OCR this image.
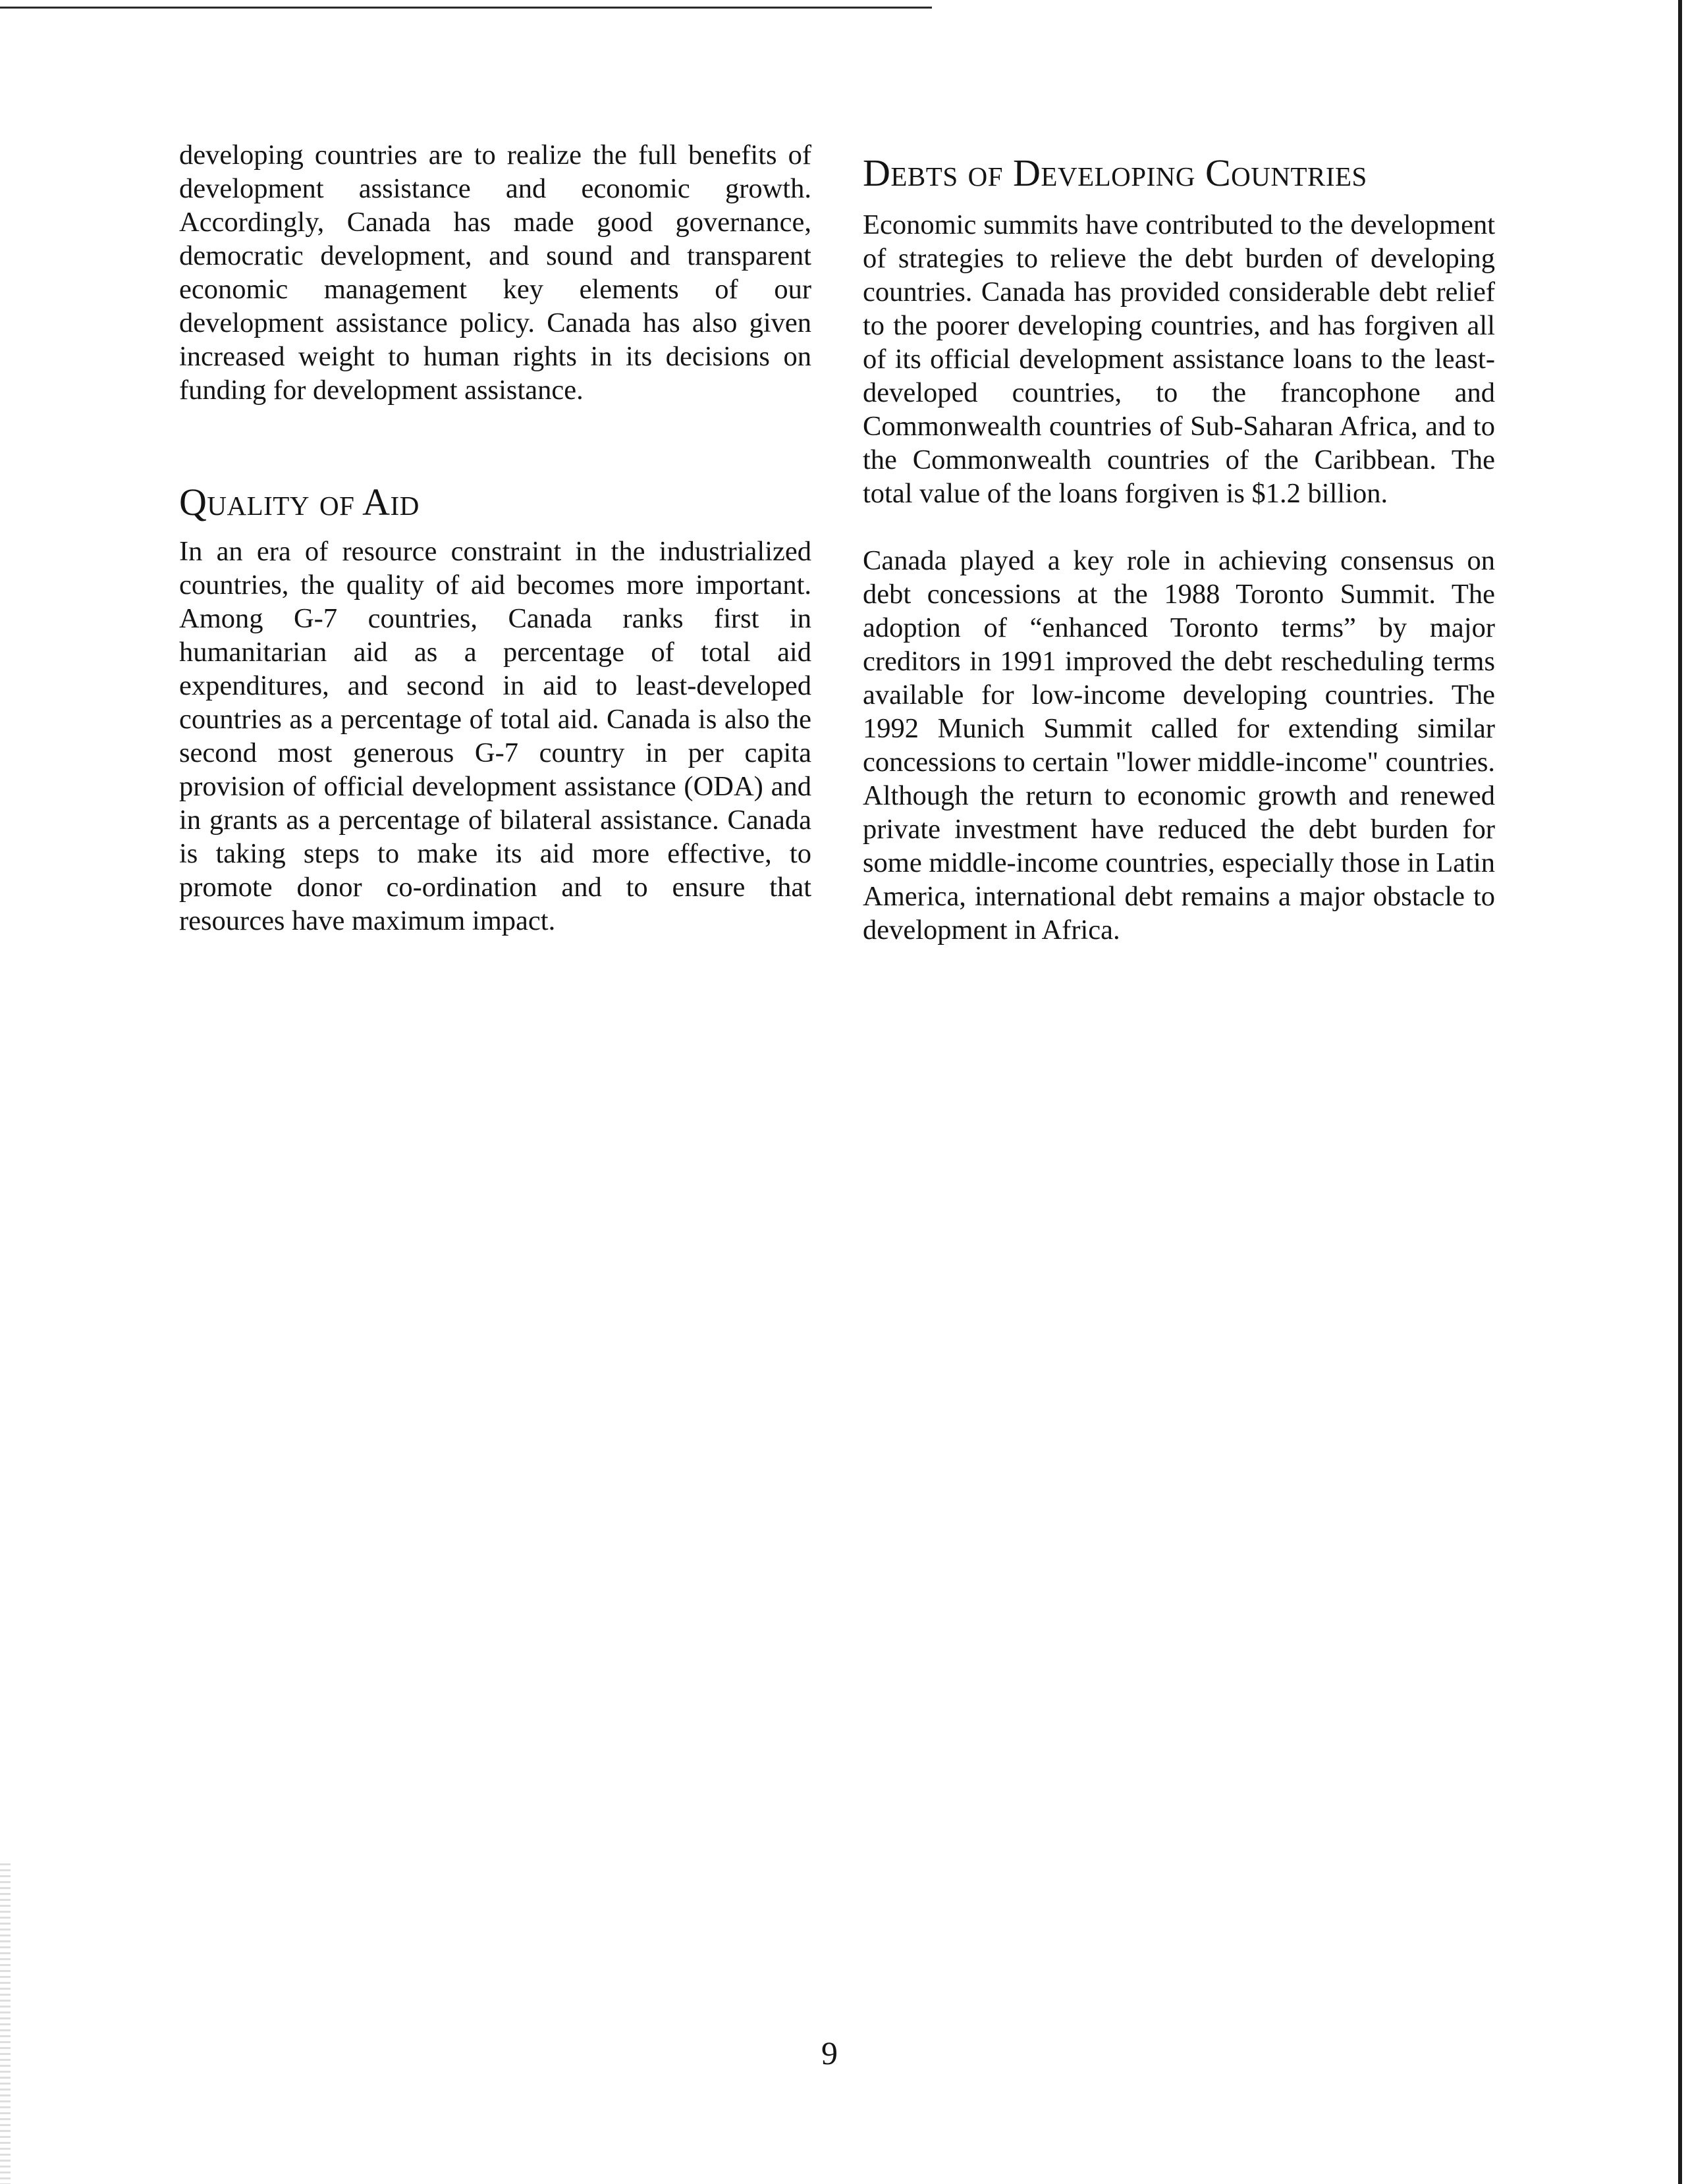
developing countries are to realize the full benefits of development assistance and economic growth. Accordingly, Canada has made good governance, democratic development, and sound and transparent economic management key elements of our development assistance policy. Canada has also given increased weight to human rights in its decisions on funding for development assistance.

Quality of Aid

In an era of resource constraint in the industrialized countries, the quality of aid becomes more important. Among G-7 countries, Canada ranks first in humanitarian aid as a percentage of total aid expenditures, and second in aid to least-developed countries as a percentage of total aid. Canada is also the second most generous G-7 country in per capita provision of official development assistance (ODA) and in grants as a percentage of bilateral assistance. Canada is taking steps to make its aid more effective, to promote donor co-ordination and to ensure that resources have maximum impact.

Debts of Developing Countries

Economic summits have contributed to the development of strategies to relieve the debt burden of developing countries. Canada has provided considerable debt relief to the poorer developing countries, and has forgiven all of its official development assistance loans to the least-developed countries, to the francophone and Commonwealth countries of Sub-Saharan Africa, and to the Commonwealth countries of the Caribbean. The total value of the loans forgiven is $1.2 billion.

Canada played a key role in achieving consensus on debt concessions at the 1988 Toronto Summit. The adoption of “enhanced Toronto terms” by major creditors in 1991 improved the debt rescheduling terms available for low-income developing countries. The 1992 Munich Summit called for extending similar concessions to certain "lower middle-income" countries. Although the return to economic growth and renewed private investment have reduced the debt burden for some middle-income countries, especially those in Latin America, international debt remains a major obstacle to development in Africa.

9
